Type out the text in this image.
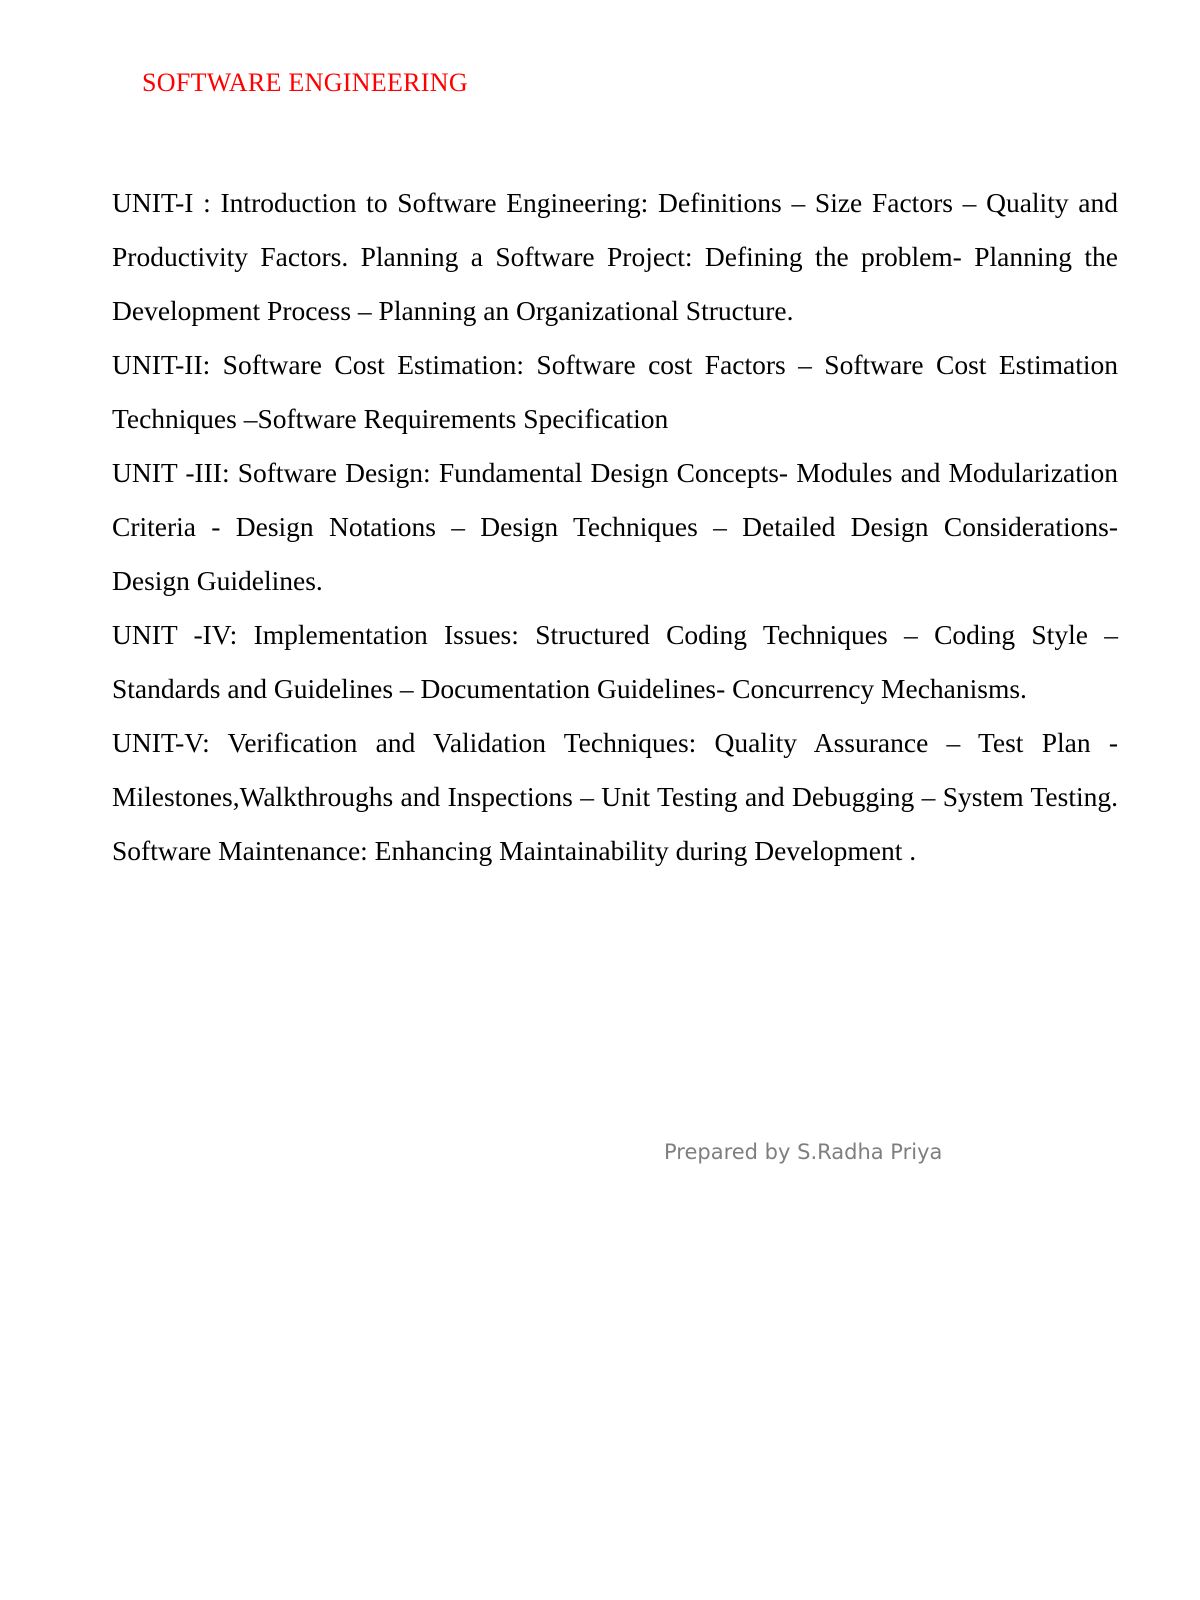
SOFTWARE ENGINEERING

UNIT-I : Introduction to Software Engineering: Definitions – Size Factors – Quality and Productivity Factors. Planning a Software Project: Defining the problem- Planning the Development Process – Planning an Organizational Structure.

UNIT-II: Software Cost Estimation: Software cost Factors – Software Cost Estimation Techniques –Software Requirements Specification

UNIT -III: Software Design: Fundamental Design Concepts- Modules and Modularization Criteria - Design Notations – Design Techniques – Detailed Design Considerations- Design Guidelines.

UNIT -IV: Implementation Issues: Structured Coding Techniques – Coding Style – Standards and Guidelines – Documentation Guidelines- Concurrency Mechanisms.

UNIT-V: Verification and Validation Techniques: Quality Assurance – Test Plan - Milestones,Walkthroughs and Inspections – Unit Testing and Debugging – System Testing. Software Maintenance: Enhancing Maintainability during Development .

Prepared by S.Radha Priya
